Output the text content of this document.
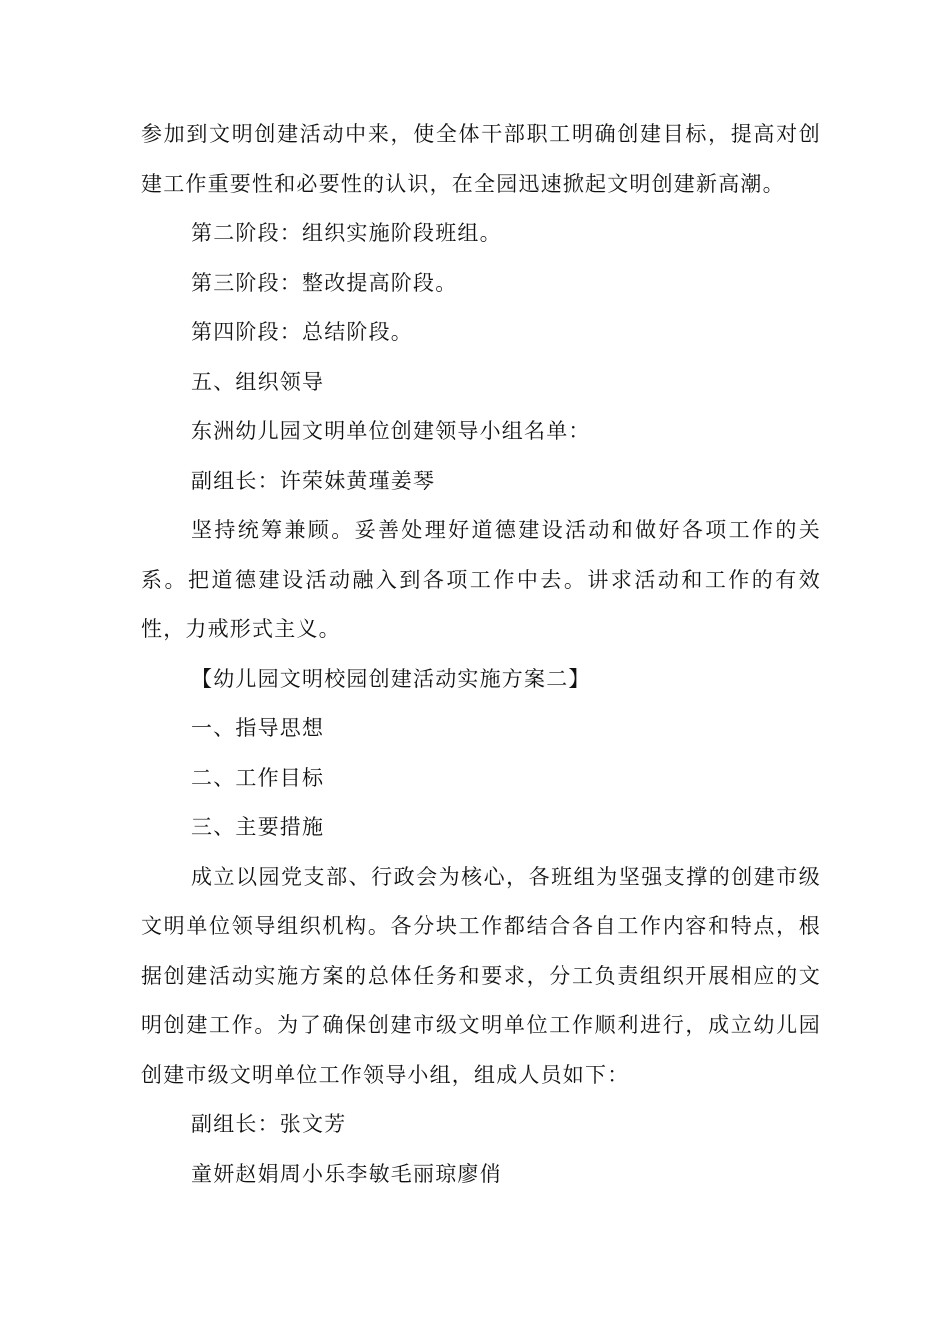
参加到文明创建活动中来，使全体干部职工明确创建目标，提高对创建工作重要性和必要性的认识，在全园迅速掀起文明创建新高潮。

第二阶段：组织实施阶段班组。

第三阶段：整改提高阶段。

第四阶段：总结阶段。

五、组织领导

东洲幼儿园文明单位创建领导小组名单：

副组长：许荣妹黄瑾姜琴

坚持统筹兼顾。妥善处理好道德建设活动和做好各项工作的关系。把道德建设活动融入到各项工作中去。讲求活动和工作的有效性，力戒形式主义。

【幼儿园文明校园创建活动实施方案二】

一、指导思想

二、工作目标

三、主要措施

成立以园党支部、行政会为核心，各班组为坚强支撑的创建市级文明单位领导组织机构。各分块工作都结合各自工作内容和特点，根据创建活动实施方案的总体任务和要求，分工负责组织开展相应的文明创建工作。为了确保创建市级文明单位工作顺利进行，成立幼儿园创建市级文明单位工作领导小组，组成人员如下：

副组长：张文芳

童妍赵娟周小乐李敏毛丽琼廖俏
